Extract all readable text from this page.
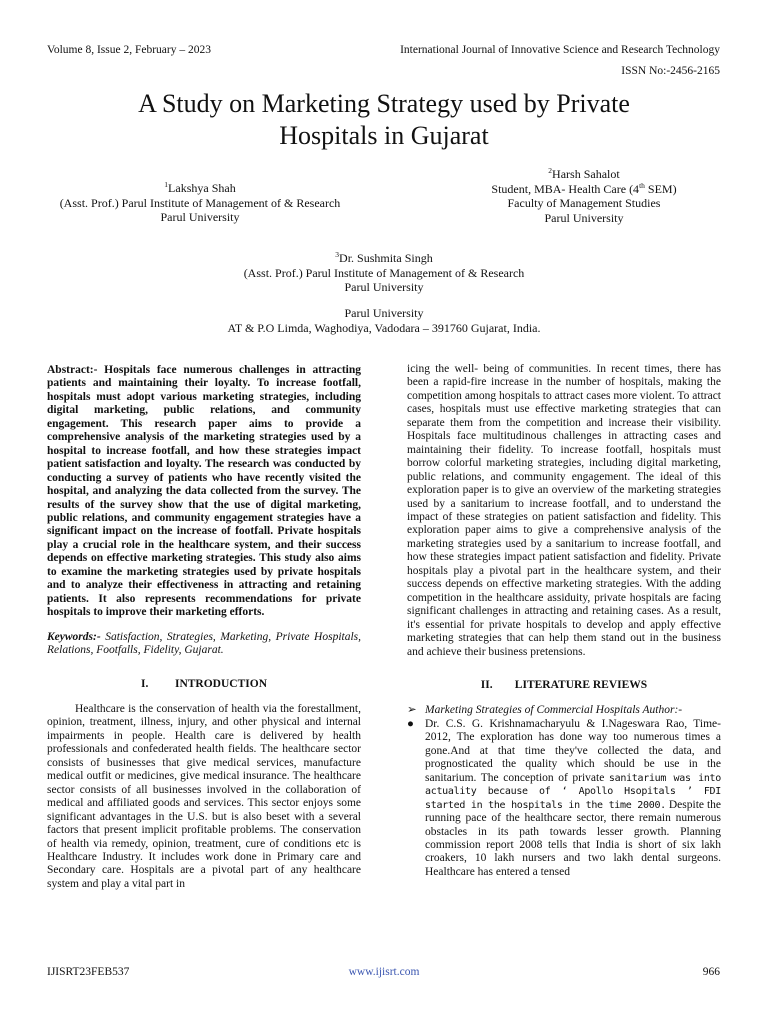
Volume 8, Issue 2, February – 2023	International Journal of Innovative Science and Research Technology
ISSN No:-2456-2165
A Study on Marketing Strategy used by Private
Hospitals in Gujarat
$^1$Lakshya Shah
(Asst. Prof.) Parul Institute of Management of & Research
Parul University
$^2$Harsh Sahalot
Student, MBA- Health Care (4th SEM)
Faculty of Management Studies
Parul University
$^3$Dr. Sushmita Singh
(Asst. Prof.) Parul Institute of Management of & Research
Parul University
Parul University
AT & P.O Limda, Waghodiya, Vadodara – 391760 Gujarat, India.

Abstract:- Hospitals face numerous challenges in attracting patients and maintaining their loyalty. To increase footfall, hospitals must adopt various marketing strategies, including digital marketing, public relations, and community engagement. This research paper aims to provide a comprehensive analysis of the marketing strategies used by a hospital to increase footfall, and how these strategies impact patient satisfaction and loyalty. The research was conducted by conducting a survey of patients who have recently visited the hospital, and analyzing the data collected from the survey. The results of the survey show that the use of digital marketing, public relations, and community engagement strategies have a significant impact on the increase of footfall. Private hospitals play a crucial role in the healthcare system, and their success depends on effective marketing strategies. This study also aims to examine the marketing strategies used by private hospitals and to analyze their effectiveness in attracting and retaining patients. It also represents recommendations for private hospitals to improve their marketing efforts.

Keywords:- Satisfaction, Strategies, Marketing, Private Hospitals, Relations, Footfalls, Fidelity, Gujarat.

I. INTRODUCTION

Healthcare is the conservation of health via the forestallment, opinion, treatment, illness, injury, and other physical and internal impairments in people. Health care is delivered by health professionals and confederated health fields. The healthcare sector consists of businesses that give medical services, manufacture medical outfit or medicines, give medical insurance. The healthcare sector consists of all businesses involved in the collaboration of medical and affiliated goods and services. This sector enjoys some significant advantages in the U.S. but is also beset with a several factors that present implicit profitable problems. The conservation of health via remedy, opinion, treatment, cure of conditions etc is Healthcare Industry. It includes work done in Primary care and Secondary care. Hospitals are a pivotal part of any healthcare system and play a vital part in

icing the well- being of communities. In recent times, there has been a rapid-fire increase in the number of hospitals, making the competition among hospitals to attract cases more violent. To attract cases, hospitals must use effective marketing strategies that can separate them from the competition and increase their visibility. Hospitals face multitudinous challenges in attracting cases and maintaining their fidelity. To increase footfall, hospitals must borrow colorful marketing strategies, including digital marketing, public relations, and community engagement. The ideal of this exploration paper is to give an overview of the marketing strategies used by a sanitarium to increase footfall, and to understand the impact of these strategies on patient satisfaction and fidelity. This exploration paper aims to give a comprehensive analysis of the marketing strategies used by a sanitarium to increase footfall, and how these strategies impact patient satisfaction and fidelity. Private hospitals play a pivotal part in the healthcare system, and their success depends on effective marketing strategies. With the adding competition in the healthcare assiduity, private hospitals are facing significant challenges in attracting and retaining cases. As a result, it's essential for private hospitals to develop and apply effective marketing strategies that can help them stand out in the business and achieve their business pretensions.

II. LITERATURE REVIEWS

➢ Marketing Strategies of Commercial Hospitals Author:-
● Dr. C.S. G. Krishnamacharyulu & I.Nageswara Rao, Time- 2012, The exploration has done way too numerous times a gone.And at that time they've collected the data, and prognosticated the quality which should be use in the sanitarium. The conception of private sanitarium was into actuality because of ‘ Apollo Hsopitals ’ FDI started in the hospitals in the time 2000. Despite the running pace of the healthcare sector, there remain numerous obstacles in its path towards lesser growth. Planning commission report 2008 tells that India is short of six lakh croakers, 10 lakh nursers and two lakh dental surgeons. Healthcare has entered a tensed
IJISRT23FEB537	www.ijisrt.com	966
